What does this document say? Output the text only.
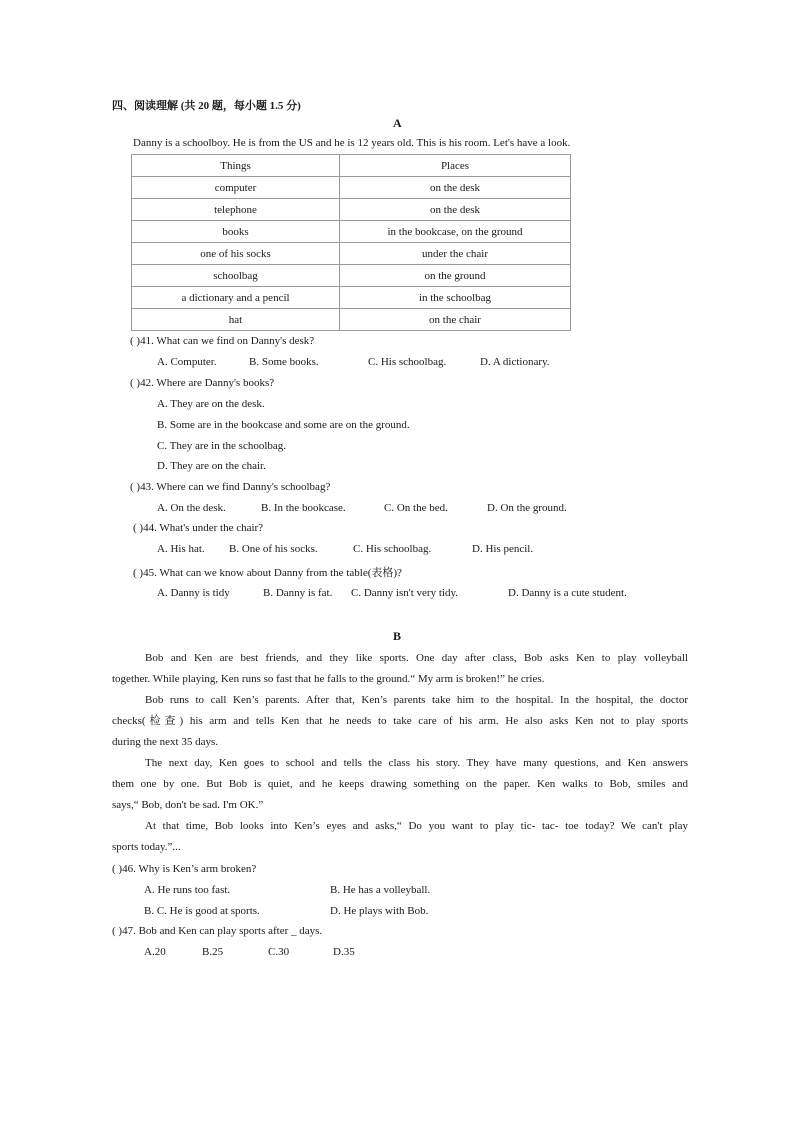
四、阅读理解 (共 20 题，每小题 1.5 分)
A
Danny is a schoolboy. He is from the US and he is 12 years old. This is his room. Let's have a look.
Things	Places
computer	on the desk
telephone	on the desk
books	in the bookcase, on the ground
one of his socks	under the chair
schoolbag	on the ground
a dictionary and a pencil	in the schoolbag
hat	on the chair
( )41. What can we find on Danny's desk?
A. Computer.	B. Some books.	C. His schoolbag.	D. A dictionary.
( )42. Where are Danny's books?
A. They are on the desk.
B. Some are in the bookcase and some are on the ground.
C. They are in the schoolbag.
D. They are on the chair.
( )43. Where can we find Danny's schoolbag?
A. On the desk.	B. In the bookcase.	C. On the bed.	D. On the ground.
( )44. What's under the chair?
A. His hat. B. One of his socks.	C. His schoolbag.	D. His pencil.
( )45. What can we know about Danny from the table(表格)?
A. Danny is tidy	B. Danny is fat. C. Danny isn't very tidy.	D. Danny is a cute student.
B
Bob and Ken are best friends, and they like sports. One day after class, Bob asks Ken to play volleyball
together. While playing, Ken runs so fast that he falls to the ground.“ My arm is broken!” he cries.
Bob runs to call Ken’s parents. After that, Ken’s parents take him to the hospital. In the hospital, the doctor
checks(检查) his arm and tells Ken that he needs to take care of his arm. He also asks Ken not to play sports
during the next 35 days.
The next day, Ken goes to school and tells the class his story. They have many questions, and Ken answers
them one by one. But Bob is quiet, and he keeps drawing something on the paper. Ken walks to Bob, smiles and
says,“ Bob, don't be sad. I'm OK.”
At that time, Bob looks into Ken’s eyes and asks,“ Do you want to play tic- tac- toe today? We can't play
sports today.”...
( )46. Why is Ken’s arm broken?
A. He runs too fast.	B. He has a volleyball.
B. C. He is good at sports.	D. He plays with Bob.
( )47. Bob and Ken can play sports after _ days.
A.20	B.25	C.30	D.35
